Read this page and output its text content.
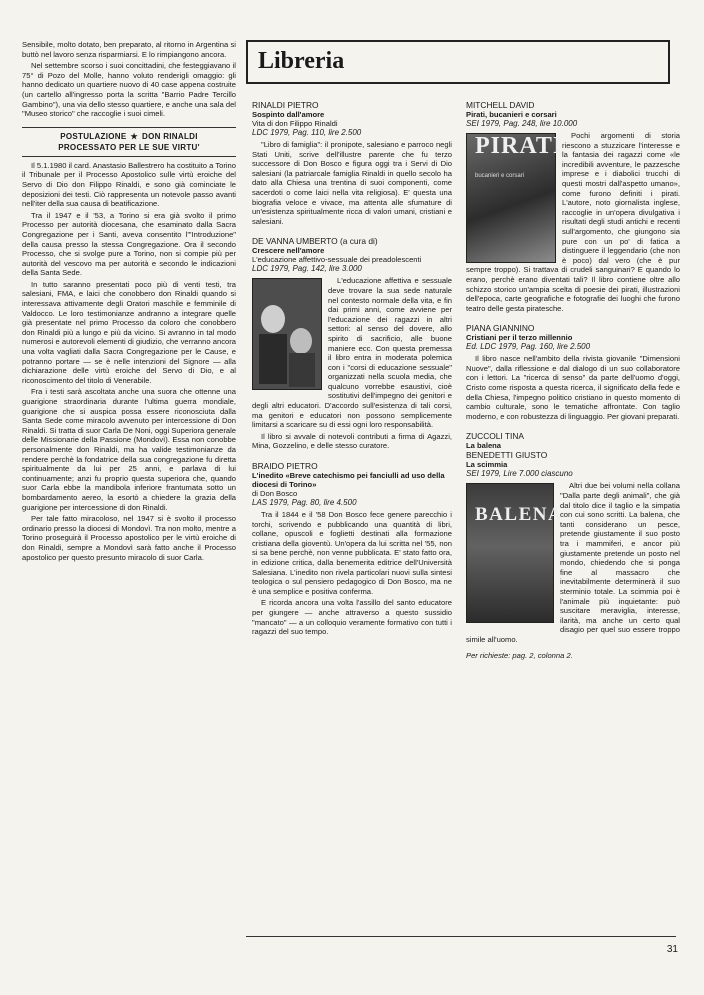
Sensibile, molto dotato, ben preparato, al ritorno in Argentina si buttò nel lavoro senza risparmiarsi. E lo rimpiangono ancora.

Nel settembre scorso i suoi concittadini, che festeggiavano il 75° di Pozo del Molle, hanno voluto renderigli omaggio: gli hanno dedicato un quartiere nuovo di 40 case appena costruite (un cartello all'ingresso porta la scritta "Barrio Padre Tercillo Gambino"), una via dello stesso quartiere, e anche una sala del "Museo storico" che raccoglie i suoi cimeli.

POSTULAZIONE ★ DON RINALDI
PROCESSATO PER LE SUE VIRTU'

Il 5.1.1980 il card. Anastasio Ballestrero ha costituito a Torino il Tribunale per il Processo Apostolico sulle virtù eroiche del Servo di Dio don Filippo Rinaldi, e sono già cominciate le deposizioni dei testi. Ciò rappresenta un notevole passo avanti nell'iter della sua causa di beatificazione.

Tra il 1947 e il '53, a Torino si era già svolto il primo Processo per autorità diocesana, che esaminato dalla Sacra Congregazione per i Santi, aveva consentito l'"Introduzione" della causa presso la stessa Congregazione. Ora il secondo Processo, che si svolge pure a Torino, non si compie più per autorità del vescovo ma per autorità e secondo le indicazioni della Santa Sede.

In tutto saranno presentati poco più di venti testi, tra salesiani, FMA, e laici che conobbero don Rinaldi quando si interessava attivamente degli Oratori maschile e femminile di Valdocco. Le loro testimonianze andranno a integrare quelle già presentate nel primo Processo da coloro che conobbero don Rinaldi più a lungo e più da vicino. Si avranno in tal modo numerosi e autorevoli elementi di giudizio, che verranno ancora una volta vagliati dalla Sacra Congregazione per le Cause, e potranno portare — se è nelle intenzioni del Signore — alla dichiarazione delle virtù eroiche del Servo di Dio, e al riconoscimento del titolo di Venerabile.

Fra i testi sarà ascoltata anche una suora che ottenne una guarigione straordinaria durante l'ultima guerra mondiale, guarigione che si auspica possa essere riconosciuta dalla Santa Sede come miracolo avvenuto per intercessione di Don Rinaldi. Si tratta di suor Carla De Noni, oggi Superiora generale delle Missionarie della Passione (Mondovì). Essa non conobbe personalmente don Rinaldi, ma ha valide testimonianze da rendere perchè la fondatrice della sua congregazione fu diretta spiritualmente da lui per 25 anni, e parlava di lui continuamente; anzi fu proprio questa superiora che, quando suor Carla ebbe la mandibola inferiore frantumata sotto un bombardamento aereo, la esortò a chiedere la grazia della guarigione per intercessione di don Rinaldi.

Per tale fatto miracoloso, nel 1947 si è svolto il processo ordinario presso la diocesi di Mondovì. Tra non molto, mentre a Torino proseguirà il Processo apostolico per le virtù eroiche di don Rinaldi, sempre a Mondovì sarà fatto anche il Processo apostolico per questo presunto miracolo di suor Carla.

Libreria
RINALDI PIETRO
Sospinto dall'amore
Vita di don Filippo Rinaldi
LDC 1979, Pag. 110, lire 2.500

"Libro di famiglia": il pronipote, salesiano e parroco negli Stati Uniti, scrive dell'illustre parente che fu terzo successore di Don Bosco e figura oggi tra i Servi di Dio salesiani (la patriarcale famiglia Rinaldi in quello secolo ha dato alla Chiesa una trentina di suoi componenti, come sacerdoti o come laici nella vita religiosa). E' questa una biografia veloce e vivace, ma attenta alle sfumature di un'esistenza spiritualmente ricca di valori umani, cristiani e salesiani.

DE VANNA UMBERTO (a cura di)
Crescere nell'amore
L'educazione affettivo-sessuale dei preadolescenti
LDC 1979, Pag. 142, lire 3.000

L'educazione affettiva e sessuale deve trovare la sua sede naturale nel contesto normale della vita, e fin dai primi anni, come avviene per l'educazione dei ragazzi in altri settori: al senso del dovere, allo spirito di sacrificio, alle buone maniere ecc. Con questa premessa il libro entra in moderata polemica con i "corsi di educazione sessuale" organizzati nella scuola media, che qualcuno vorrebbe esaustivi, cioè sostitutivi dell'impegno dei genitori e degli altri educatori. D'accordo sull'esistenza di tali corsi, ma genitori e educatori non possono semplicemente limitarsi a scaricare su di essi ogni loro responsabilità.

Il libro si avvale di notevoli contributi a firma di Agazzi, Mina, Gozzelino, e delle stesso curatore.

BRAIDO PIETRO
L'inedito «Breve catechismo pei fanciulli ad uso della diocesi di Torino»
di Don Bosco
LAS 1979, Pag. 80, lire 4.500

Tra il 1844 e il '58 Don Bosco fece genere parecchio i torchi, scrivendo e pubblicando una quantità di libri, collane, opuscoli e foglietti destinati alla formazione cristiana della gioventù. Un'opera da lui scritta nel '55, non si sa bene perchè, non venne pubblicata. E' stato fatto ora, in edizione critica, dalla benemerita editrice dell'Università Salesiana. L'inedito non rivela particolari nuovi sulla sintesi teologica o sul pensiero pedagogico di Don Bosco, ma ne è una semplice e positiva conferma.

E ricorda ancora una volta l'assillo del santo educatore per giungere — anche attraverso a questo sussidio "mancato" — a un colloquio veramente formativo con tutti i ragazzi del suo tempo.

MITCHELL DAVID
Pirati, bucanieri e corsari
SEI 1979, Pag. 248, lire 10.000
PIRATI
bucanieri e corsari

Pochi argomenti di storia riescono a stuzzicare l'interesse e la fantasia dei ragazzi come «le incredibili avventure, le pazzesche imprese e i diabolici trucchi di questi mostri dall'aspetto umano», come furono definiti i pirati. L'autore, noto giornalista inglese, raccoglie in un'opera divulgativa i risultati degli studi antichi e recenti sull'argomento, che giungono sia pure con un po' di fatica a distinguere il leggendario (che non è poco) dal vero (che è pur sempre troppo). Si trattava di crudeli sanguinari? E quando lo erano, perchè erano diventati tali? Il libro contiene oltre allo schizzo storico un'ampia scelta di poesie dei pirati, illustrazioni dell'epoca, carte geografiche e fotografie dei luoghi che furono teatro delle gesta piratesche.

PIANA GIANNINO
Cristiani per il terzo millennio
Ed. LDC 1979, Pag. 160, lire 2.500

Il libro nasce nell'ambito della rivista giovanile "Dimensioni Nuove", dalla riflessione e dal dialogo di un suo collaboratore con i lettori. La "ricerca di senso" da parte dell'uomo d'oggi, Cristo come risposta a questa ricerca, il significato della fede e della Chiesa, l'impegno politico cristiano in questo momento di cambio culturale, sono le tematiche affrontate. Con taglio moderno, e con robustezza di linguaggio. Per giovani preparati.

ZUCCOLI TINA
La balena
BENEDETTI GIUSTO
La scimmia
SEI 1979, Lire 7.000 ciascuno
BALENA

Altri due bei volumi nella collana "Dalla parte degli animali", che già dal titolo dice il taglio e la simpatia con cui sono scritti. La balena, che tanti considerano un pesce, pretende giustamente il suo posto tra i mammiferi, e ancor più giustamente pretende un posto nel mondo, chiedendo che si ponga fine al massacro che inevitabilmente determinerà il suo sterminio totale. La scimmia poi è l'animale più inquietante: può suscitare meraviglia, interesse, ilarità, ma anche un certo qual disagio per quel suo essere troppo simile all'uomo.

Per richieste: pag. 2, colonna 2.

31
